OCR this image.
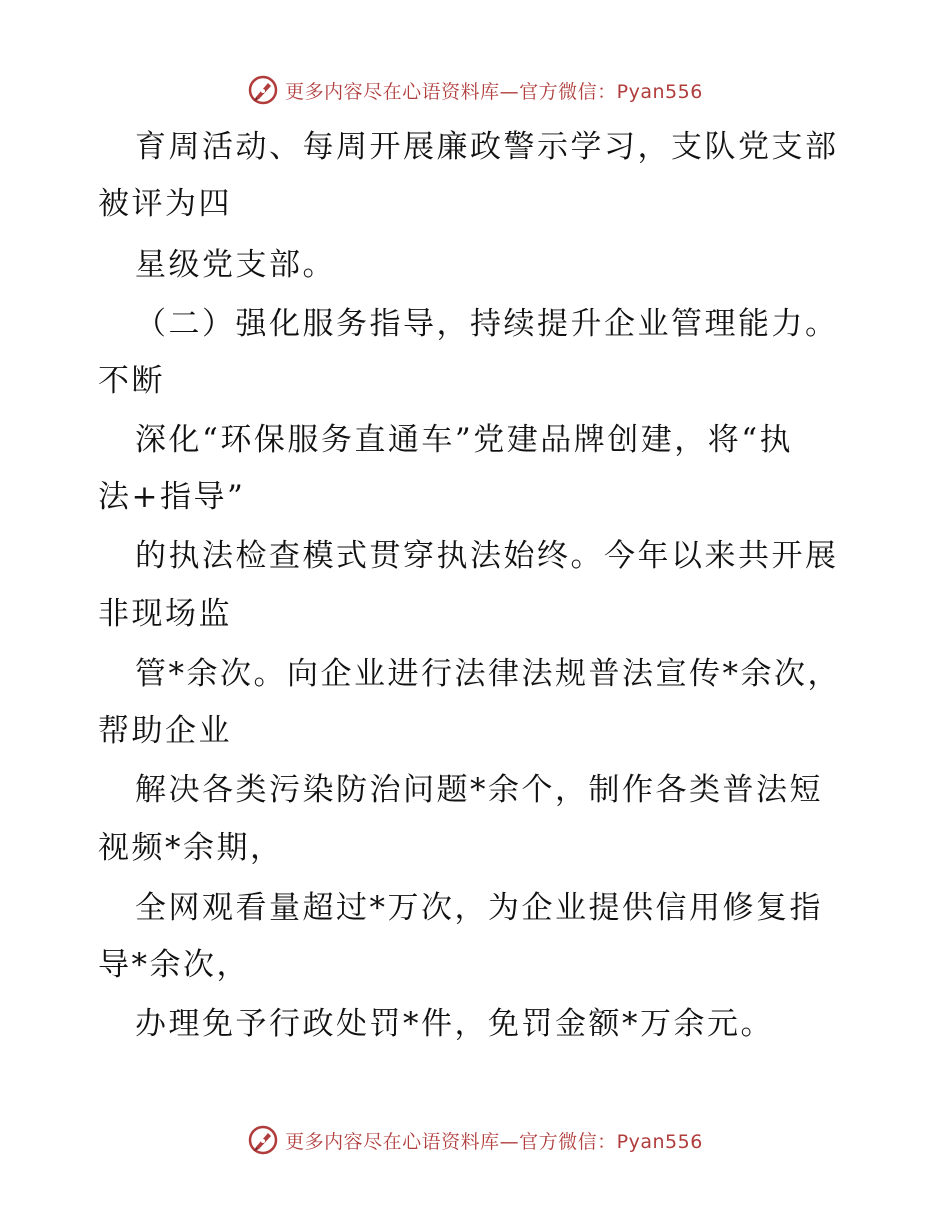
更多内容尽在心语资料库—官方微信：Pyan556
育周活动、每周开展廉政警示学习，支队党支部
被评为四
星级党支部。
（二）强化服务指导，持续提升企业管理能力。
不断
深化“环保服务直通车”党建品牌创建，将“执
法+指导”
的执法检查模式贯穿执法始终。今年以来共开展
非现场监
管*余次。向企业进行法律法规普法宣传*余次，
帮助企业
解决各类污染防治问题*余个，制作各类普法短
视频*余期，
全网观看量超过*万次，为企业提供信用修复指
导*余次，
办理免予行政处罚*件，免罚金额*万余元。
更多内容尽在心语资料库—官方微信：Pyan556
